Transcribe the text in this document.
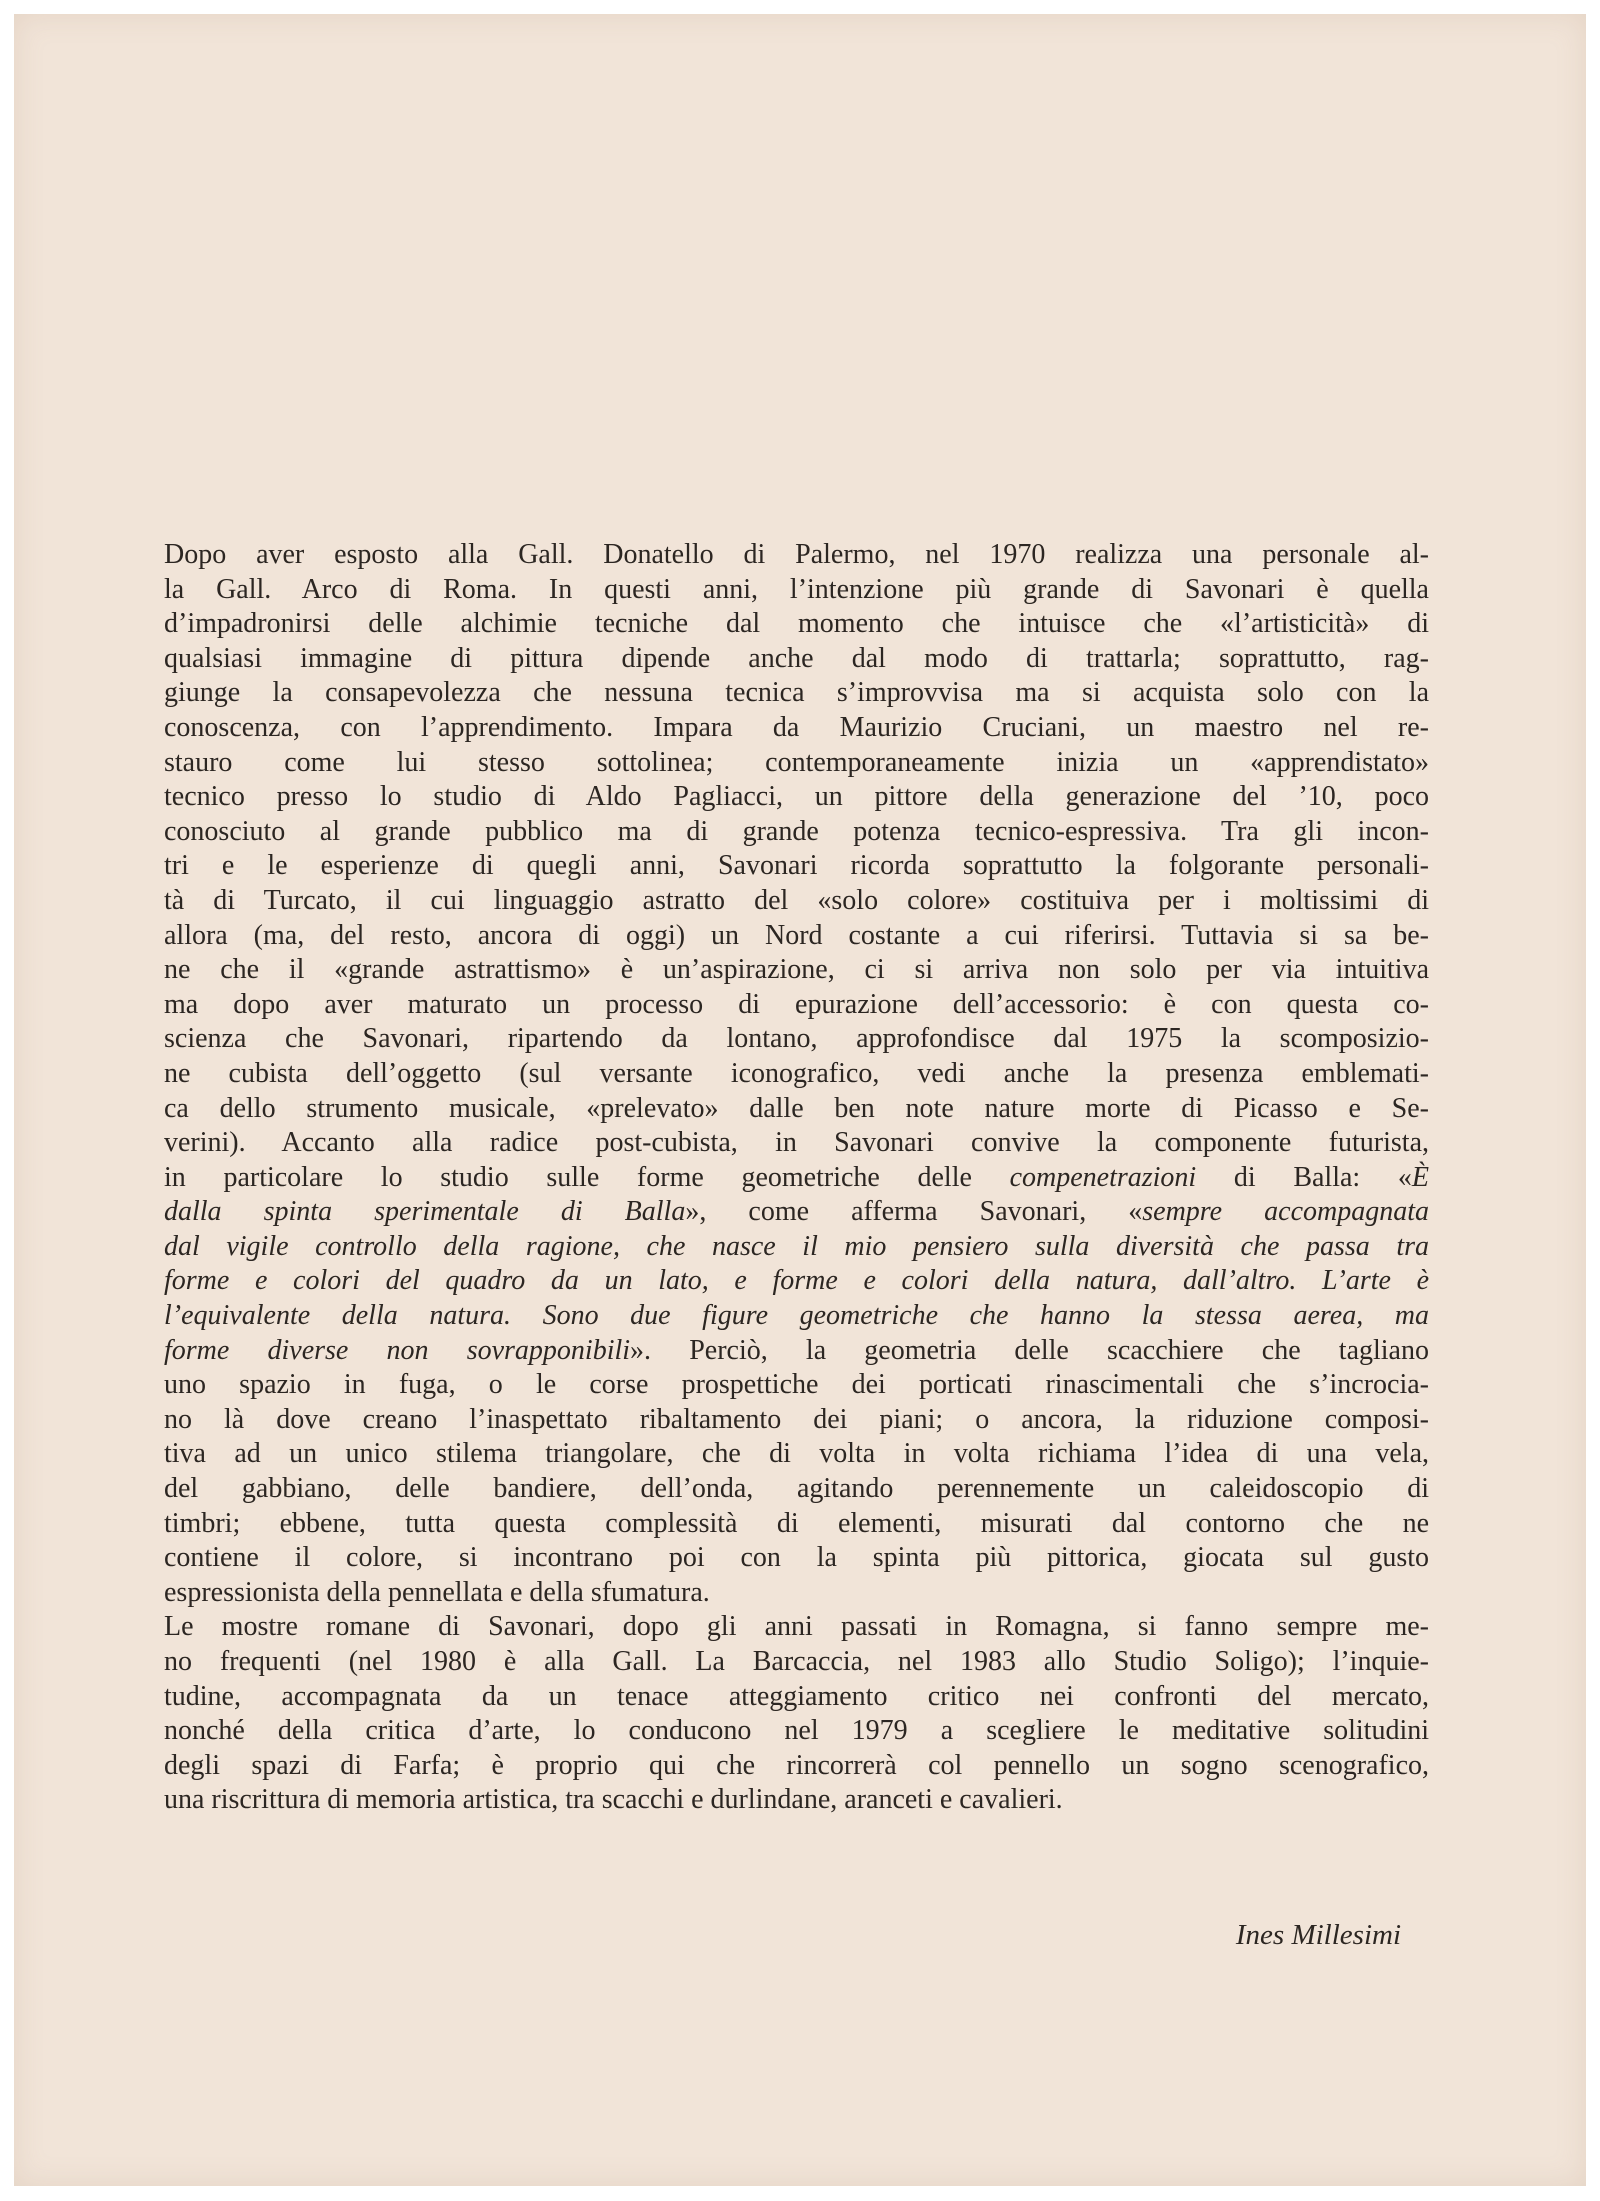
Dopo aver esposto alla Gall. Donatello di Palermo, nel 1970 realizza una personale al-
la Gall. Arco di Roma. In questi anni, l’intenzione più grande di Savonari è quella
d’impadronirsi delle alchimie tecniche dal momento che intuisce che «l’artisticità» di
qualsiasi immagine di pittura dipende anche dal modo di trattarla; soprattutto, rag-
giunge la consapevolezza che nessuna tecnica s’improvvisa ma si acquista solo con la
conoscenza, con l’apprendimento. Impara da Maurizio Cruciani, un maestro nel re-
stauro come lui stesso sottolinea; contemporaneamente inizia un «apprendistato»
tecnico presso lo studio di Aldo Pagliacci, un pittore della generazione del ’10, poco
conosciuto al grande pubblico ma di grande potenza tecnico-espressiva. Tra gli incon-
tri e le esperienze di quegli anni, Savonari ricorda soprattutto la folgorante personali-
tà di Turcato, il cui linguaggio astratto del «solo colore» costituiva per i moltissimi di
allora (ma, del resto, ancora di oggi) un Nord costante a cui riferirsi. Tuttavia si sa be-
ne che il «grande astrattismo» è un’aspirazione, ci si arriva non solo per via intuitiva
ma dopo aver maturato un processo di epurazione dell’accessorio: è con questa co-
scienza che Savonari, ripartendo da lontano, approfondisce dal 1975 la scomposizio-
ne cubista dell’oggetto (sul versante iconografico, vedi anche la presenza emblemati-
ca dello strumento musicale, «prelevato» dalle ben note nature morte di Picasso e Se-
verini). Accanto alla radice post-cubista, in Savonari convive la componente futurista,
in particolare lo studio sulle forme geometriche delle compenetrazioni di Balla: «È
dalla spinta sperimentale di Balla», come afferma Savonari, «sempre accompagnata
dal vigile controllo della ragione, che nasce il mio pensiero sulla diversità che passa tra
forme e colori del quadro da un lato, e forme e colori della natura, dall’altro. L’arte è
l’equivalente della natura. Sono due figure geometriche che hanno la stessa aerea, ma
forme diverse non sovrapponibili». Perciò, la geometria delle scacchiere che tagliano
uno spazio in fuga, o le corse prospettiche dei porticati rinascimentali che s’incrocia-
no là dove creano l’inaspettato ribaltamento dei piani; o ancora, la riduzione composi-
tiva ad un unico stilema triangolare, che di volta in volta richiama l’idea di una vela,
del gabbiano, delle bandiere, dell’onda, agitando perennemente un caleidoscopio di
timbri; ebbene, tutta questa complessità di elementi, misurati dal contorno che ne
contiene il colore, si incontrano poi con la spinta più pittorica, giocata sul gusto
espressionista della pennellata e della sfumatura.
Le mostre romane di Savonari, dopo gli anni passati in Romagna, si fanno sempre me-
no frequenti (nel 1980 è alla Gall. La Barcaccia, nel 1983 allo Studio Soligo); l’inquie-
tudine, accompagnata da un tenace atteggiamento critico nei confronti del mercato,
nonché della critica d’arte, lo conducono nel 1979 a scegliere le meditative solitudini
degli spazi di Farfa; è proprio qui che rincorrerà col pennello un sogno scenografico,
una riscrittura di memoria artistica, tra scacchi e durlindane, aranceti e cavalieri.
Ines Millesimi
